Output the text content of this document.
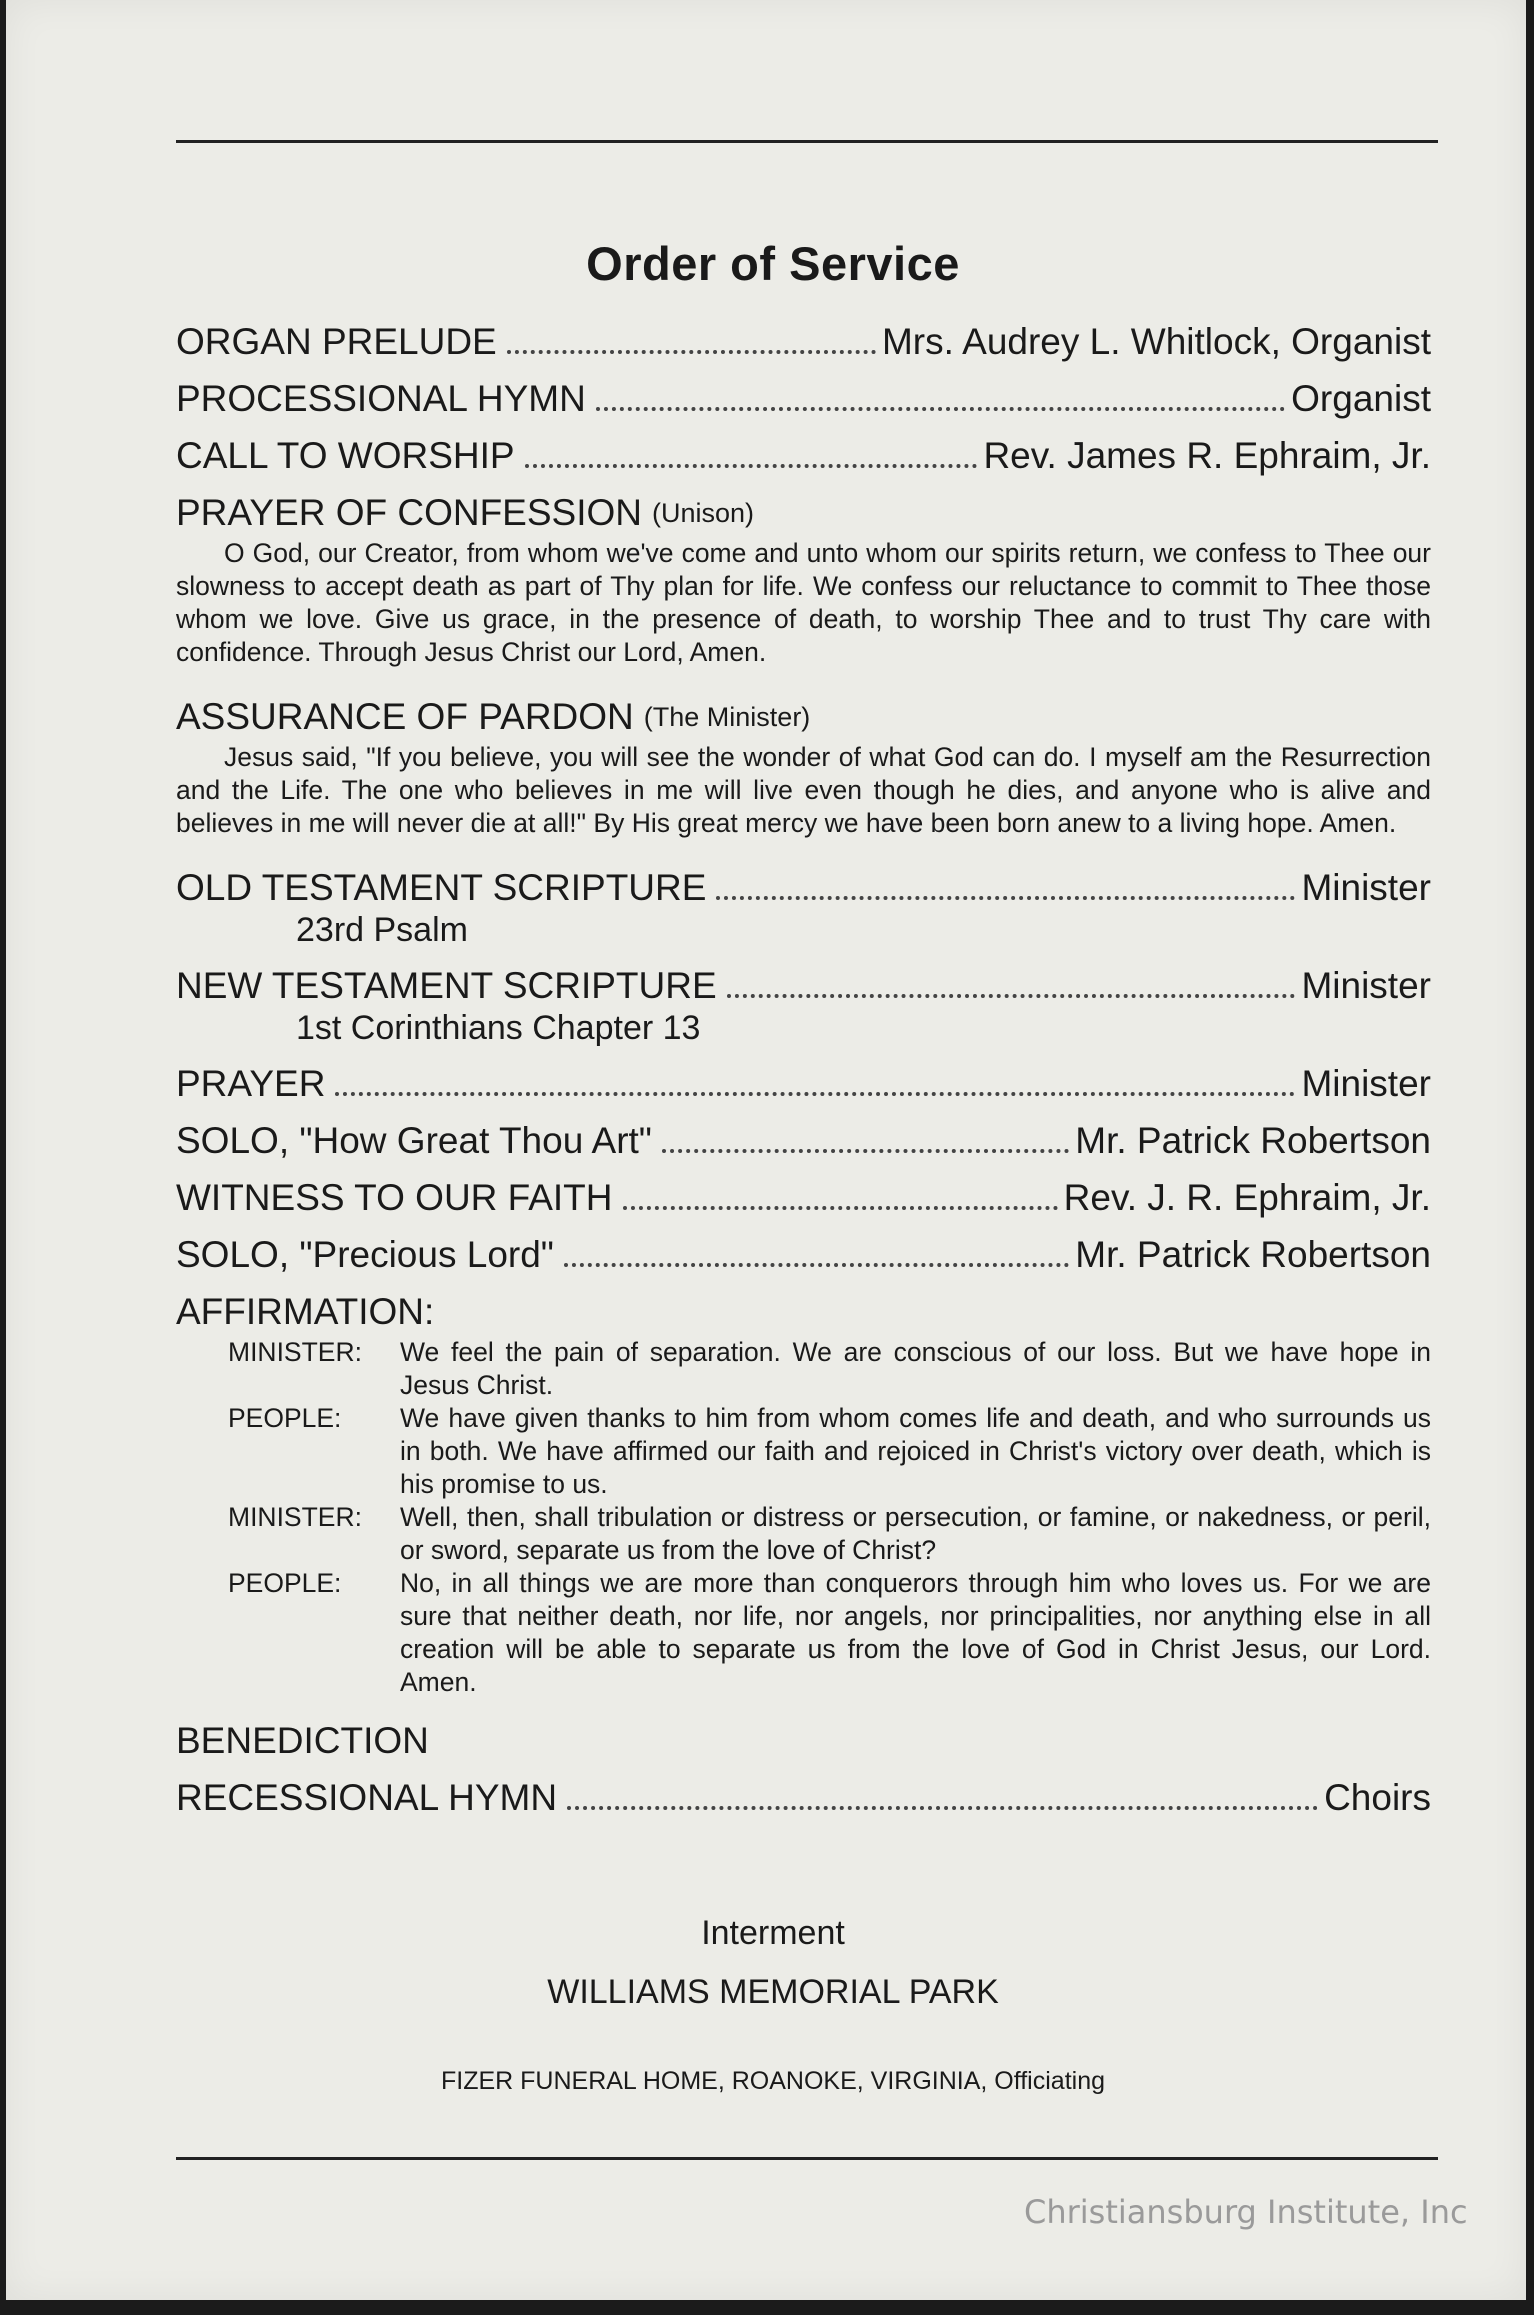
Order of Service
ORGAN PRELUDE	Mrs. Audrey L. Whitlock, Organist
PROCESSIONAL HYMN	Organist
CALL TO WORSHIP	Rev. James R. Ephraim, Jr.
PRAYER OF CONFESSION (Unison)
O God, our Creator, from whom we've come and unto whom our spirits return, we confess to Thee our slowness to accept death as part of Thy plan for life. We confess our reluctance to commit to Thee those whom we love. Give us grace, in the presence of death, to worship Thee and to trust Thy care with confidence. Through Jesus Christ our Lord, Amen.
ASSURANCE OF PARDON (The Minister)
Jesus said, "If you believe, you will see the wonder of what God can do. I myself am the Resurrection and the Life. The one who believes in me will live even though he dies, and anyone who is alive and believes in me will never die at all!" By His great mercy we have been born anew to a living hope. Amen.
OLD TESTAMENT SCRIPTURE	Minister
23rd Psalm
NEW TESTAMENT SCRIPTURE	Minister
1st Corinthians Chapter 13
PRAYER	Minister
SOLO, "How Great Thou Art"	Mr. Patrick Robertson
WITNESS TO OUR FAITH	Rev. J. R. Ephraim, Jr.
SOLO, "Precious Lord"	Mr. Patrick Robertson
AFFIRMATION:
MINISTER:	We feel the pain of separation. We are conscious of our loss. But we have hope in Jesus Christ.
PEOPLE:	We have given thanks to him from whom comes life and death, and who surrounds us in both. We have affirmed our faith and rejoiced in Christ's victory over death, which is his promise to us.
MINISTER:	Well, then, shall tribulation or distress or persecution, or famine, or nakedness, or peril, or sword, separate us from the love of Christ?
PEOPLE:	No, in all things we are more than conquerors through him who loves us. For we are sure that neither death, nor life, nor angels, nor principalities, nor anything else in all creation will be able to separate us from the love of God in Christ Jesus, our Lord. Amen.
BENEDICTION
RECESSIONAL HYMN	Choirs
Interment
WILLIAMS MEMORIAL PARK
FIZER FUNERAL HOME, ROANOKE, VIRGINIA, Officiating
Christiansburg Institute, Inc
